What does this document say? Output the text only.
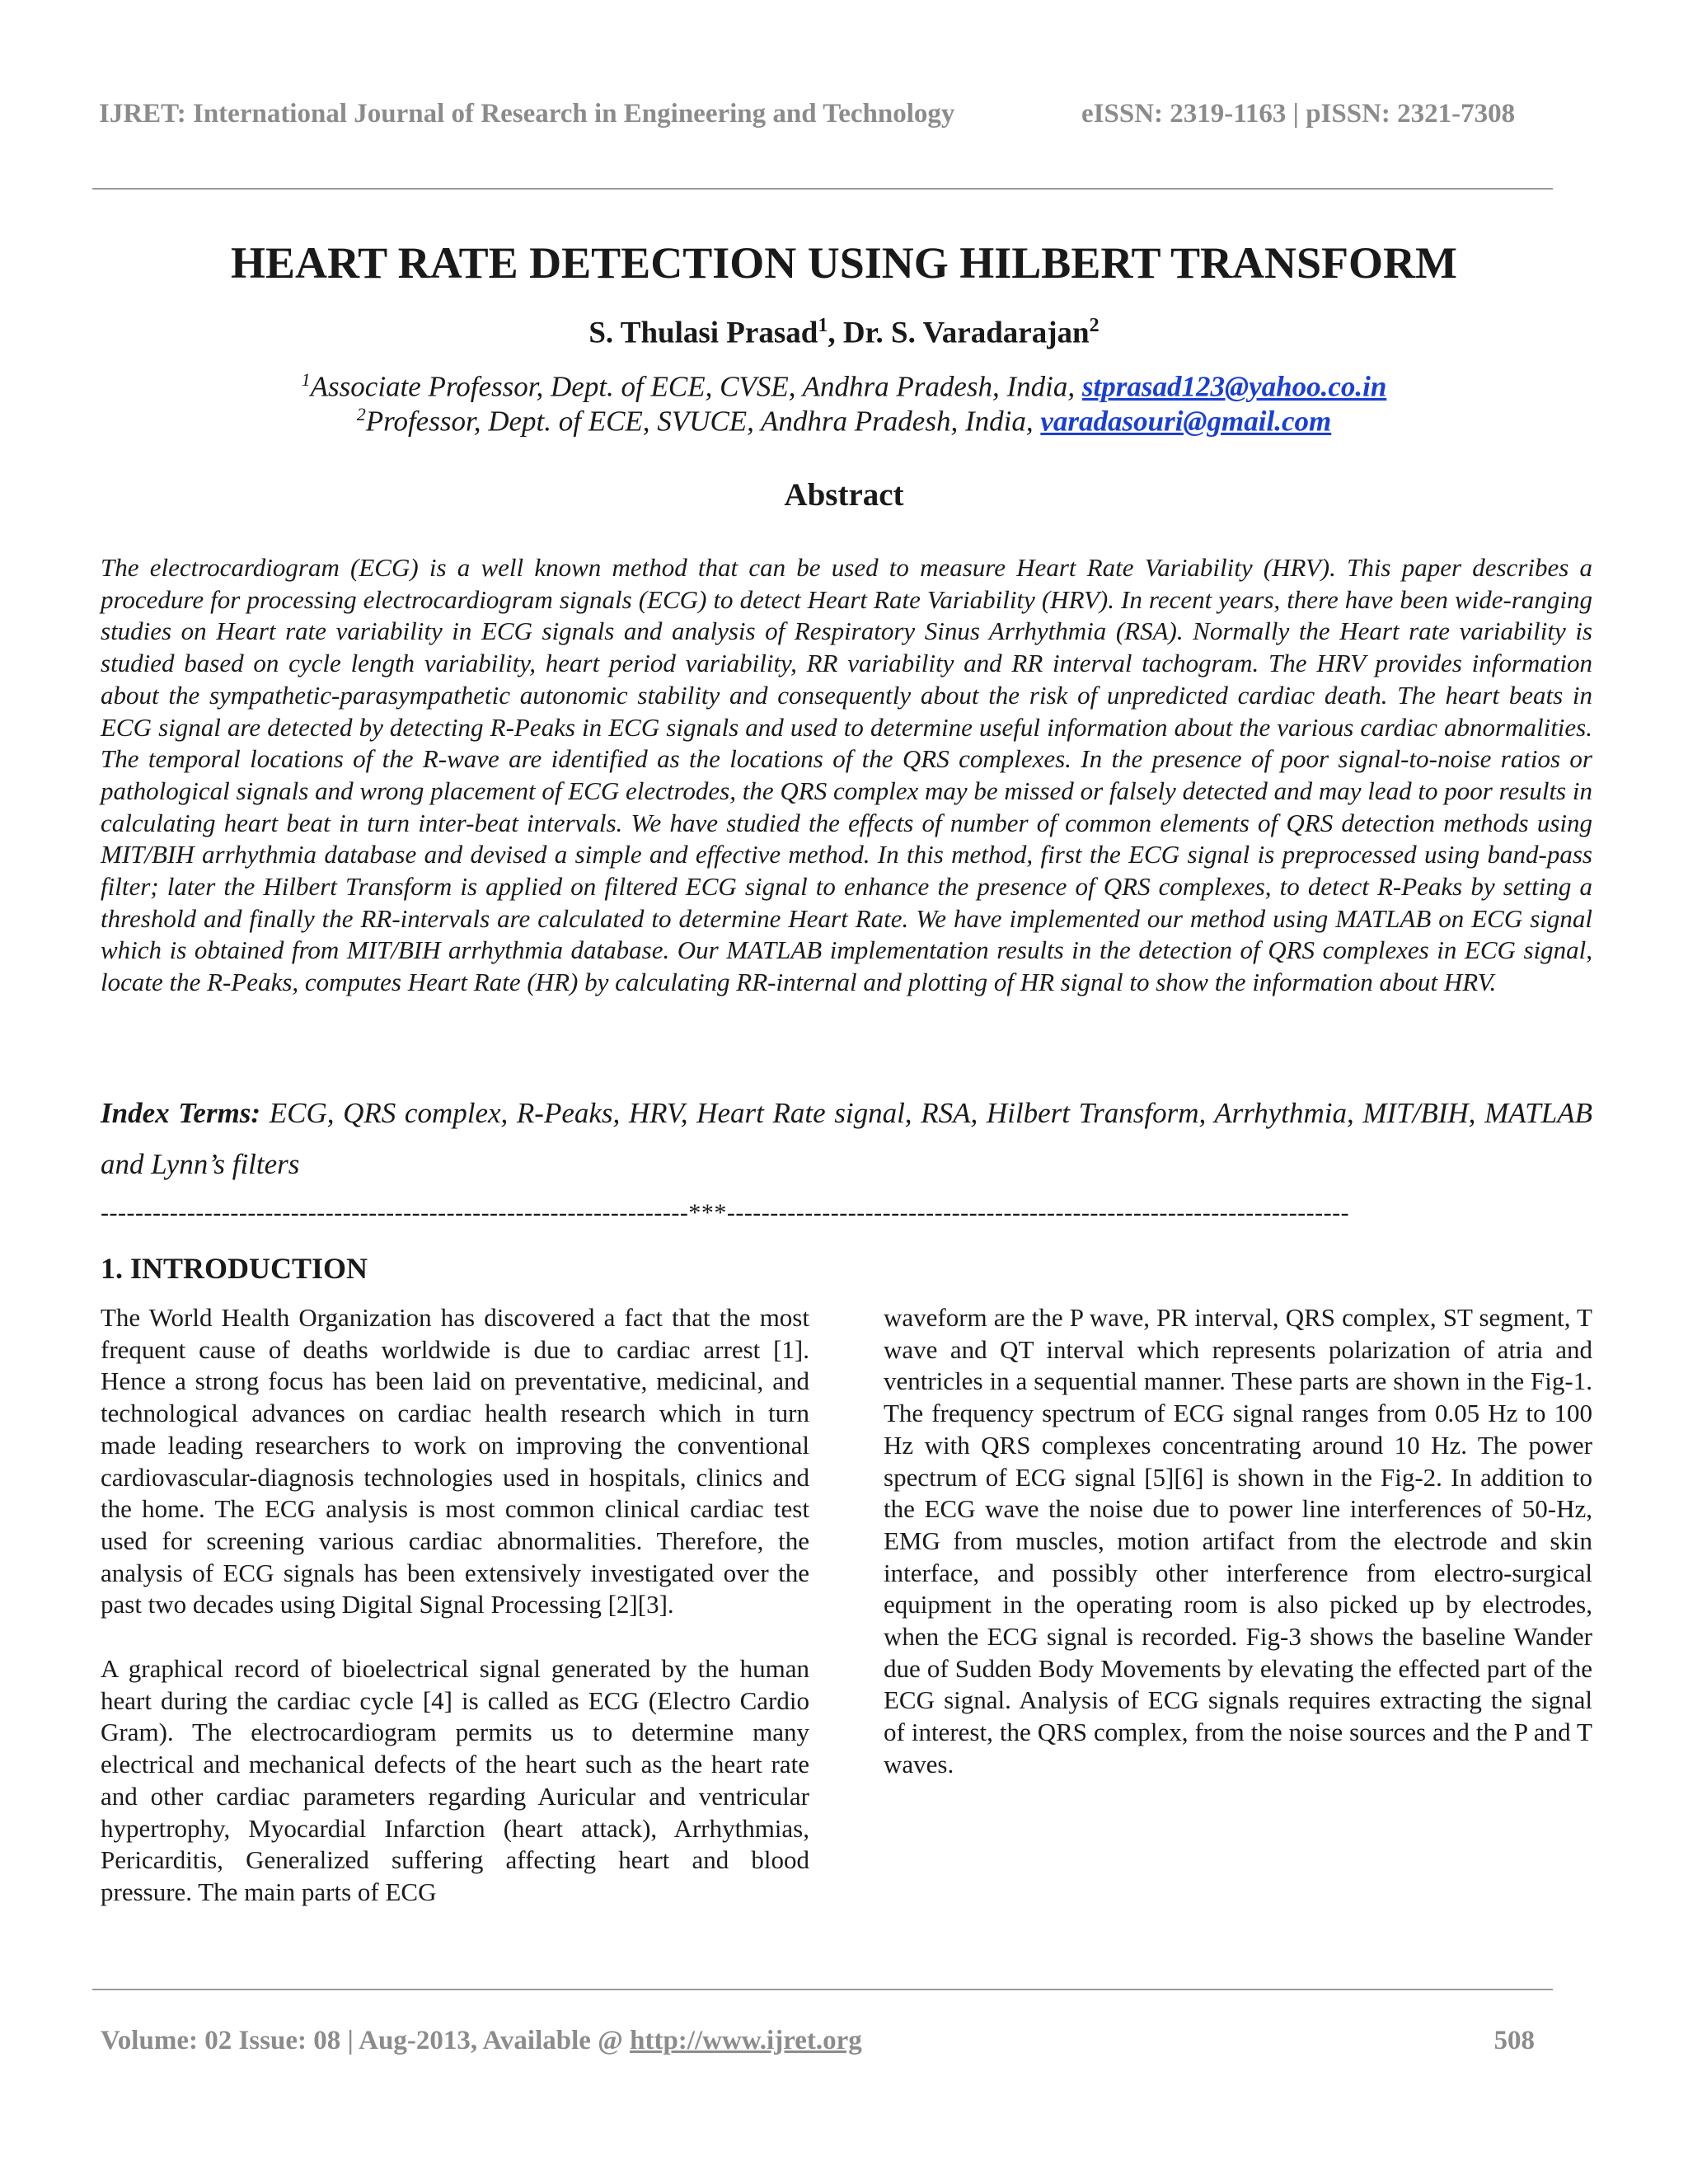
IJRET: International Journal of Research in Engineering and Technology	eISSN: 2319-1163 | pISSN: 2321-7308
HEART RATE DETECTION USING HILBERT TRANSFORM
S. Thulasi Prasad$^1$, Dr. S. Varadarajan$^2$
$^1$Associate Professor, Dept. of ECE, CVSE, Andhra Pradesh, India, stprasad123@yahoo.co.in
$^2$Professor, Dept. of ECE, SVUCE, Andhra Pradesh, India, varadasouri@gmail.com
Abstract
The electrocardiogram (ECG) is a well known method that can be used to measure Heart Rate Variability (HRV). This paper describes a procedure for processing electrocardiogram signals (ECG) to detect Heart Rate Variability (HRV). In recent years, there have been wide-ranging studies on Heart rate variability in ECG signals and analysis of Respiratory Sinus Arrhythmia (RSA). Normally the Heart rate variability is studied based on cycle length variability, heart period variability, RR variability and RR interval tachogram. The HRV provides information about the sympathetic-parasympathetic autonomic stability and consequently about the risk of unpredicted cardiac death. The heart beats in ECG signal are detected by detecting R-Peaks in ECG signals and used to determine useful information about the various cardiac abnormalities. The temporal locations of the R-wave are identified as the locations of the QRS complexes. In the presence of poor signal-to-noise ratios or pathological signals and wrong placement of ECG electrodes, the QRS complex may be missed or falsely detected and may lead to poor results in calculating heart beat in turn inter-beat intervals. We have studied the effects of number of common elements of QRS detection methods using MIT/BIH arrhythmia database and devised a simple and effective method. In this method, first the ECG signal is preprocessed using band-pass filter; later the Hilbert Transform is applied on filtered ECG signal to enhance the presence of QRS complexes, to detect R-Peaks by setting a threshold and finally the RR-intervals are calculated to determine Heart Rate. We have implemented our method using MATLAB on ECG signal which is obtained from MIT/BIH arrhythmia database. Our MATLAB implementation results in the detection of QRS complexes in ECG signal, locate the R-Peaks, computes Heart Rate (HR) by calculating RR-internal and plotting of HR signal to show the information about HRV.
Index Terms: ECG, QRS complex, R-Peaks, HRV, Heart Rate signal, RSA, Hilbert Transform, Arrhythmia, MIT/BIH, MATLAB and Lynn’s filters
--------------------------------------------------------------------***------------------------------------------------------------------------
1. INTRODUCTION

The World Health Organization has discovered a fact that the most frequent cause of deaths worldwide is due to cardiac arrest [1]. Hence a strong focus has been laid on preventative, medicinal, and technological advances on cardiac health research which in turn made leading researchers to work on improving the conventional cardiovascular-diagnosis technologies used in hospitals, clinics and the home. The ECG analysis is most common clinical cardiac test used for screening various cardiac abnormalities. Therefore, the analysis of ECG signals has been extensively investigated over the past two decades using Digital Signal Processing [2][3].

A graphical record of bioelectrical signal generated by the human heart during the cardiac cycle [4] is called as ECG (Electro Cardio Gram). The electrocardiogram permits us to determine many electrical and mechanical defects of the heart such as the heart rate and other cardiac parameters regarding Auricular and ventricular hypertrophy, Myocardial Infarction (heart attack), Arrhythmias, Pericarditis, Generalized suffering affecting heart and blood pressure. The main parts of ECG

waveform are the P wave, PR interval, QRS complex, ST segment, T wave and QT interval which represents polarization of atria and ventricles in a sequential manner. These parts are shown in the Fig-1. The frequency spectrum of ECG signal ranges from 0.05 Hz to 100 Hz with QRS complexes concentrating around 10 Hz. The power spectrum of ECG signal [5][6] is shown in the Fig-2. In addition to the ECG wave the noise due to power line interferences of 50-Hz, EMG from muscles, motion artifact from the electrode and skin interface, and possibly other interference from electro-surgical equipment in the operating room is also picked up by electrodes, when the ECG signal is recorded. Fig-3 shows the baseline Wander due of Sudden Body Movements by elevating the effected part of the ECG signal. Analysis of ECG signals requires extracting the signal of interest, the QRS complex, from the noise sources and the P and T waves.

Volume: 02 Issue: 08 | Aug-2013, Available @ http://www.ijret.org	508
